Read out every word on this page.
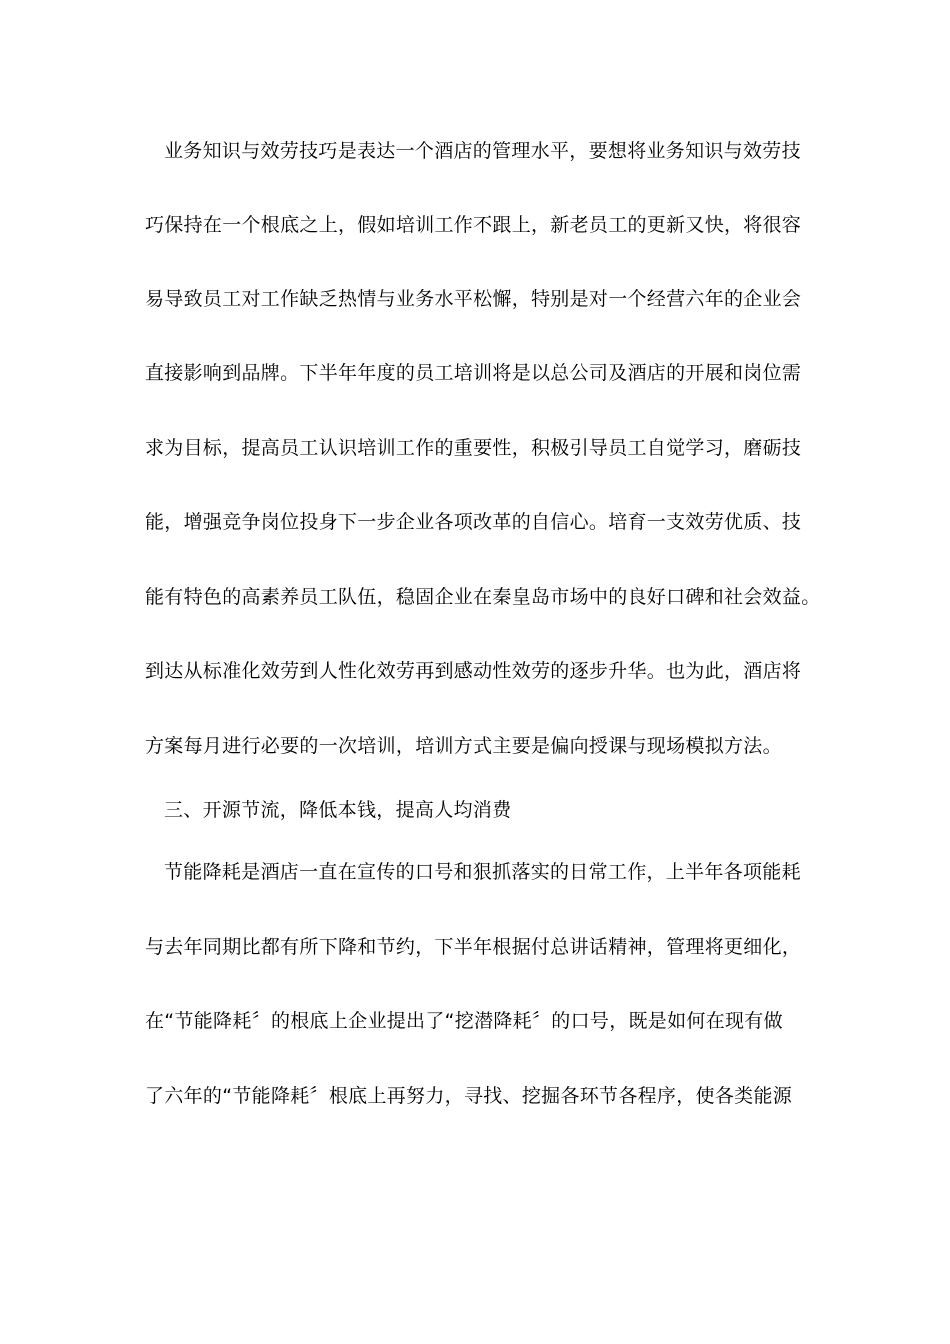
业务知识与效劳技巧是表达一个酒店的管理水平，要想将业务知识与效劳技
巧保持在一个根底之上，假如培训工作不跟上，新老员工的更新又快，将很容
易导致员工对工作缺乏热情与业务水平松懈，特别是对一个经营六年的企业会
直接影响到品牌。下半年年度的员工培训将是以总公司及酒店的开展和岗位需
求为目标，提高员工认识培训工作的重要性，积极引导员工自觉学习，磨砺技
能，增强竞争岗位投身下一步企业各项改革的自信心。培育一支效劳优质、技
能有特色的高素养员工队伍，稳固企业在秦皇岛市场中的良好口碑和社会效益。
到达从标准化效劳到人性化效劳再到感动性效劳的逐步升华。也为此，酒店将
方案每月进行必要的一次培训，培训方式主要是偏向授课与现场模拟方法。
三、开源节流，降低本钱，提高人均消费
节能降耗是酒店一直在宣传的口号和狠抓落实的日常工作，上半年各项能耗
与去年同期比都有所下降和节约，下半年根据付总讲话精神，管理将更细化，
在“节能降耗〞的根底上企业提出了“挖潜降耗〞的口号，既是如何在现有做
了六年的“节能降耗〞根底上再努力，寻找、挖掘各环节各程序，使各类能源
